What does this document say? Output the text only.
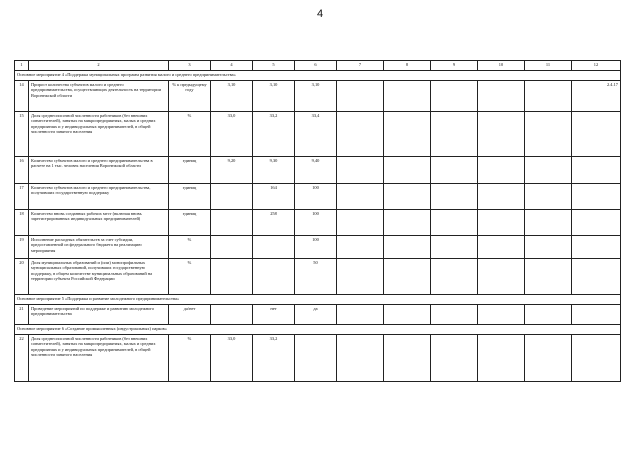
4
1	2	3	4	5	6	7	8	9	10	11	12
Основное мероприятие 4 «Поддержка муниципальных программ развития малого и среднего предпринимательства»											
14	Прирост количества субъектов малого и среднего предпринимательства, осуществляющих деятельность на территории Воронежской области	% к предыдущему году	3,10	3,10	3,10						2.4.17
15	Доля среднесписочной численности работников (без внешних совместителей), занятых на микропредприятиях, малых и средних предприятиях и у индивидуальных предпринимателей, в общей численности занятого населения	%	33,0	33,2	33,4						
16	Количество субъектов малого и среднего предпринимательства в расчете на 1 тыс. человек населения Воронежской области	единиц	9,20	9,30	9,40						
17	Количество субъектов малого и среднего предпринимательства, получивших государственную поддержку	единиц		164	100						
18	Количество вновь созданных рабочих мест (включая вновь зарегистрированных индивидуальных предпринимателей)	единиц		258	100						
19	Исполнение расходных обязательств за счет субсидии, предоставленной из федерального бюджета на реализацию мероприятия	%			100						
20	Доля муниципальных образований и (или) монопрофильных муниципальных образований, получивших государственную поддержку, в общем количестве муниципальных образований на территории субъекта Российской Федерации	%			50						
Основное мероприятие 5 «Поддержка и развитие молодежного предпринимательства»											
21	Проведение мероприятий по поддержке и развитию молодежного предпринимательства	да/нет		нет	да						
Основное мероприятие 6 «Создание промышленных (индустриальных) парков»											
22	Доля среднесписочной численности работников (без внешних совместителей), занятых на микропредприятиях, малых и средних предприятиях и у индивидуальных предпринимателей, в общей численности занятого населения	%	33,0	33,2							
